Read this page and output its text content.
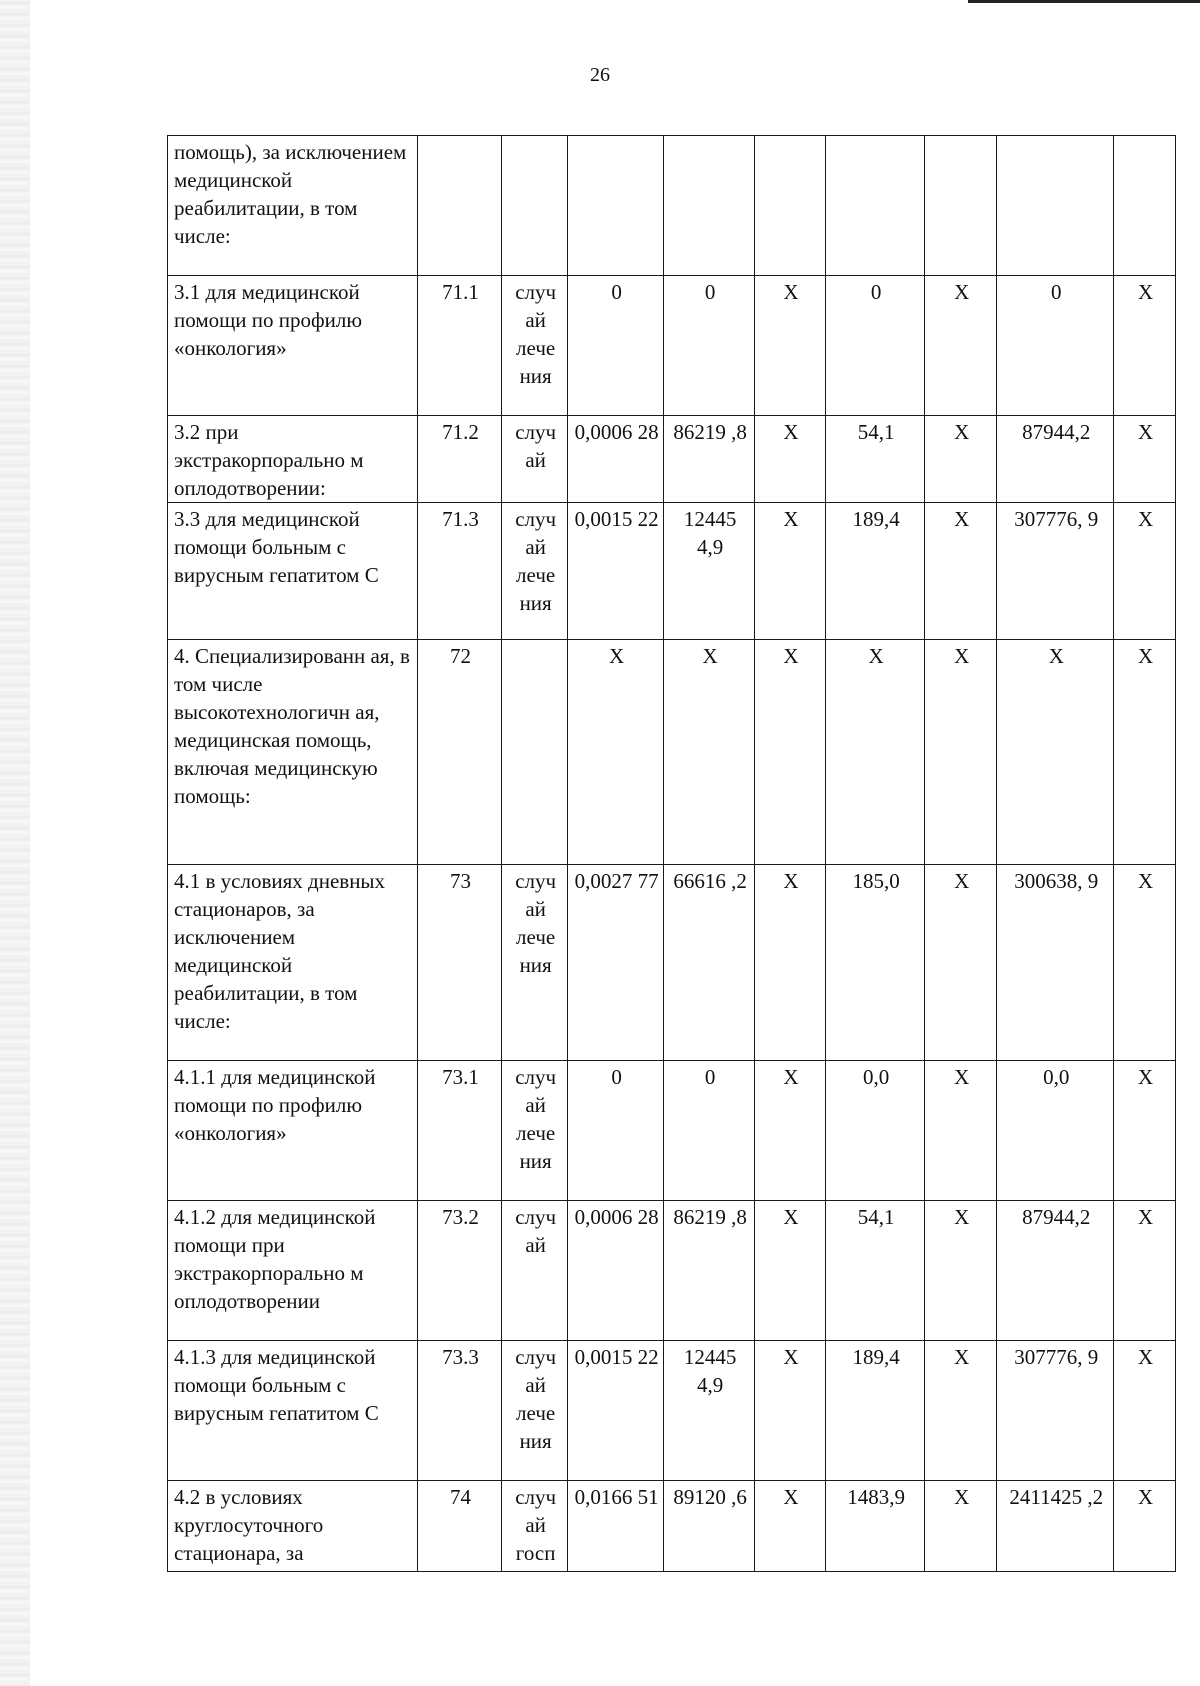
26
помощь), за исключением медицинской реабилитации, в том числе:									
3.1 для медицинской помощи по профилю «онкология»	71.1	случ ай лече ния	0	0	X	0	X	0	X
3.2 при экстракорпорально м оплодотворении:	71.2	случ ай	0,0006 28	86219 ,8	X	54,1	X	87944,2	X
3.3 для медицинской помощи больным с вирусным гепатитом С	71.3	случ ай лече ния	0,0015 22	12445 4,9	X	189,4	X	307776, 9	X
4. Специализированн ая, в том числе высокотехнологичн ая, медицинская помощь, включая медицинскую помощь:	72		X	X	X	X	X	X	X
4.1 в условиях дневных стационаров, за исключением медицинской реабилитации, в том числе:	73	случ ай лече ния	0,0027 77	66616 ,2	X	185,0	X	300638, 9	X
4.1.1 для медицинской помощи по профилю «онкология»	73.1	случ ай лече ния	0	0	X	0,0	X	0,0	X
4.1.2 для медицинской помощи при экстракорпорально м оплодотворении	73.2	случ ай	0,0006 28	86219 ,8	X	54,1	X	87944,2	X
4.1.3 для медицинской помощи больным с вирусным гепатитом С	73.3	случ ай лече ния	0,0015 22	12445 4,9	X	189,4	X	307776, 9	X
4.2 в условиях круглосуточного стационара, за	74	случ ай госп	0,0166 51	89120 ,6	X	1483,9	X	2411425 ,2	X
